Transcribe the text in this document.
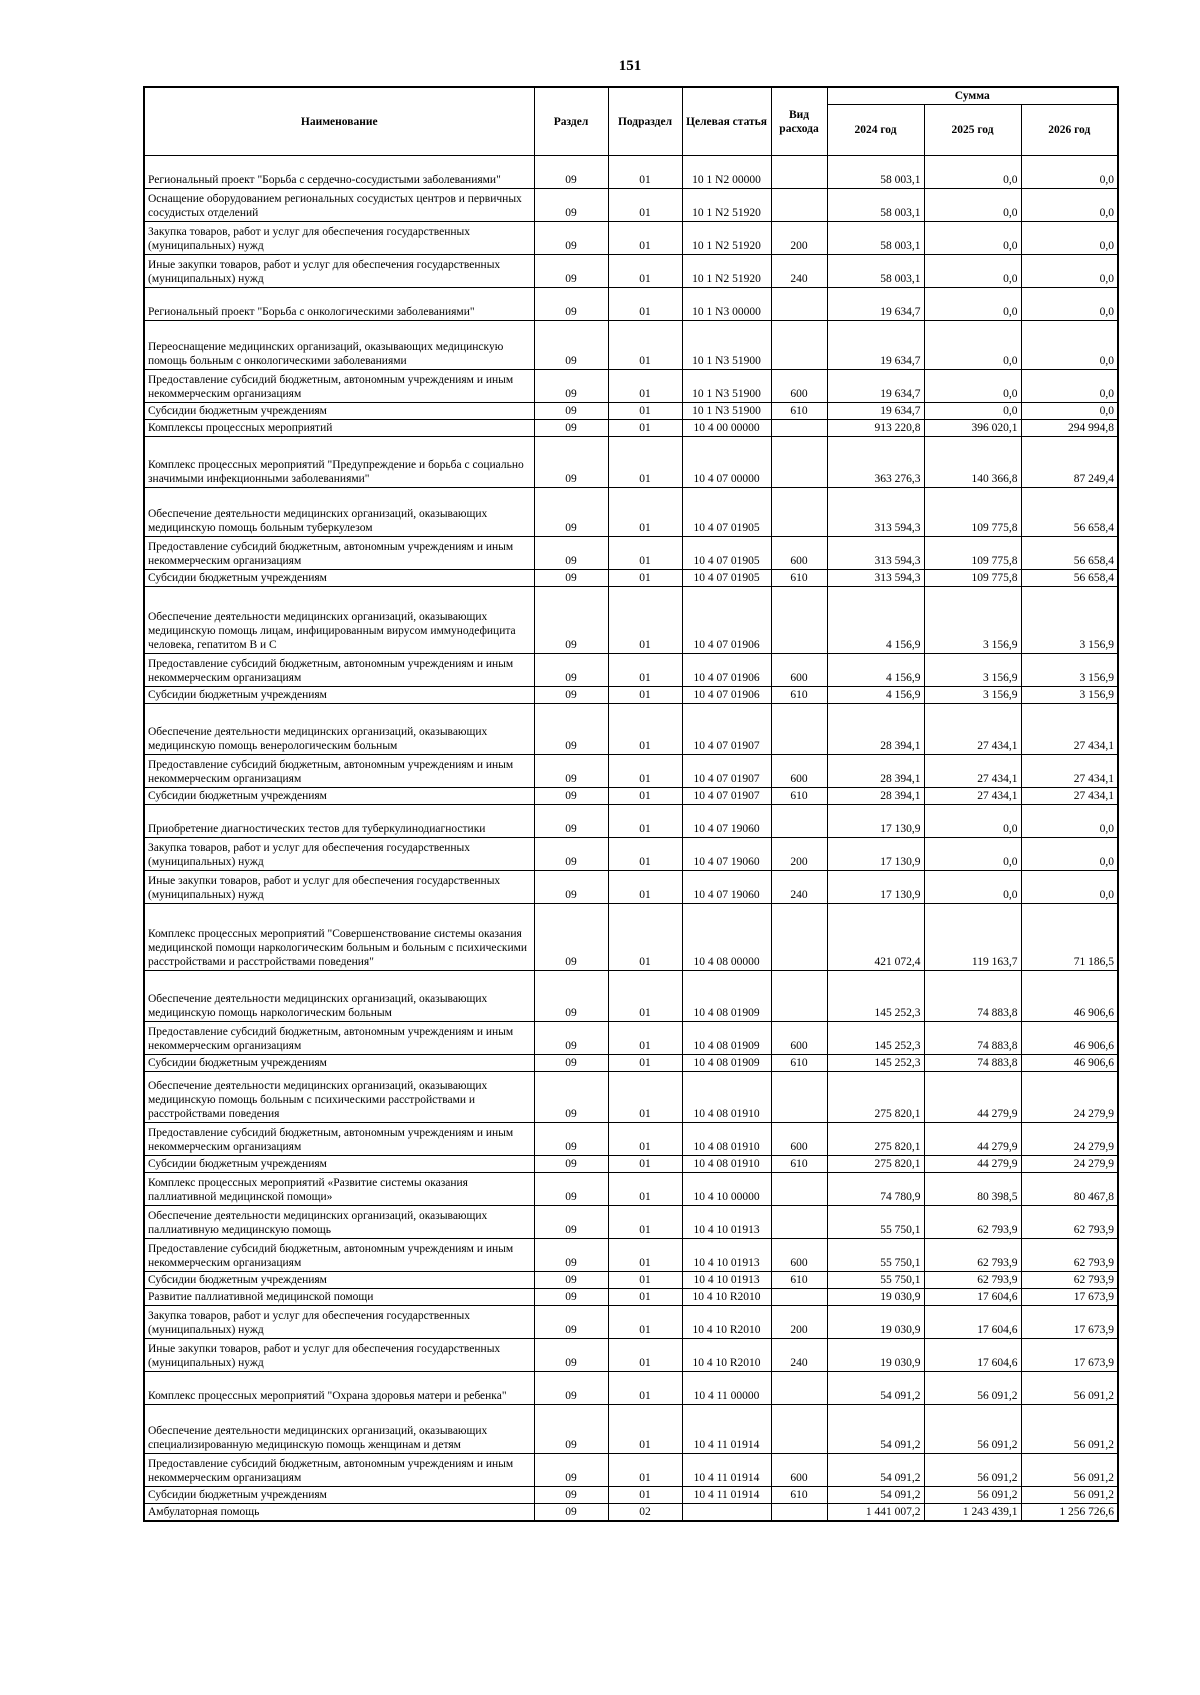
151
Наименование	Раздел	Подраздел	Целевая статья	Вид расхода	Сумма		
					2024 год	2025 год	2026 год
Региональный проект "Борьба с сердечно-сосудистыми заболеваниями"	09	01	10 1 N2 00000		58 003,1	0,0	0,0
Оснащение оборудованием региональных сосудистых центров и первичных сосудистых отделений	09	01	10 1 N2 51920		58 003,1	0,0	0,0
Закупка товаров, работ и услуг для обеспечения государственных (муниципальных) нужд	09	01	10 1 N2 51920	200	58 003,1	0,0	0,0
Иные закупки товаров, работ и услуг для обеспечения государственных (муниципальных) нужд	09	01	10 1 N2 51920	240	58 003,1	0,0	0,0
Региональный проект "Борьба с онкологическими заболеваниями"	09	01	10 1 N3 00000		19 634,7	0,0	0,0
Переоснащение медицинских организаций, оказывающих медицинскую помощь больным с онкологическими заболеваниями	09	01	10 1 N3 51900		19 634,7	0,0	0,0
Предоставление субсидий бюджетным, автономным учреждениям и иным некоммерческим организациям	09	01	10 1 N3 51900	600	19 634,7	0,0	0,0
Субсидии бюджетным учреждениям	09	01	10 1 N3 51900	610	19 634,7	0,0	0,0
Комплексы процессных мероприятий	09	01	10 4 00 00000		913 220,8	396 020,1	294 994,8
Комплекс процессных мероприятий "Предупреждение и борьба с социально значимыми инфекционными заболеваниями"	09	01	10 4 07 00000		363 276,3	140 366,8	87 249,4
Обеспечение деятельности медицинских организаций, оказывающих медицинскую помощь больным туберкулезом	09	01	10 4 07 01905		313 594,3	109 775,8	56 658,4
Предоставление субсидий бюджетным, автономным учреждениям и иным некоммерческим организациям	09	01	10 4 07 01905	600	313 594,3	109 775,8	56 658,4
Субсидии бюджетным учреждениям	09	01	10 4 07 01905	610	313 594,3	109 775,8	56 658,4
Обеспечение деятельности медицинских организаций, оказывающих медицинскую помощь лицам, инфицированным вирусом иммунодефицита человека, гепатитом В и С	09	01	10 4 07 01906		4 156,9	3 156,9	3 156,9
Предоставление субсидий бюджетным, автономным учреждениям и иным некоммерческим организациям	09	01	10 4 07 01906	600	4 156,9	3 156,9	3 156,9
Субсидии бюджетным учреждениям	09	01	10 4 07 01906	610	4 156,9	3 156,9	3 156,9
Обеспечение деятельности медицинских организаций, оказывающих медицинскую помощь венерологическим больным	09	01	10 4 07 01907		28 394,1	27 434,1	27 434,1
Предоставление субсидий бюджетным, автономным учреждениям и иным некоммерческим организациям	09	01	10 4 07 01907	600	28 394,1	27 434,1	27 434,1
Субсидии бюджетным учреждениям	09	01	10 4 07 01907	610	28 394,1	27 434,1	27 434,1
Приобретение диагностических тестов для туберкулинодиагностики	09	01	10 4 07 19060		17 130,9	0,0	0,0
Закупка товаров, работ и услуг для обеспечения государственных (муниципальных) нужд	09	01	10 4 07 19060	200	17 130,9	0,0	0,0
Иные закупки товаров, работ и услуг для обеспечения государственных (муниципальных) нужд	09	01	10 4 07 19060	240	17 130,9	0,0	0,0
Комплекс процессных мероприятий "Совершенствование системы оказания медицинской помощи наркологическим больным и больным с психическими расстройствами и расстройствами поведения"	09	01	10 4 08 00000		421 072,4	119 163,7	71 186,5
Обеспечение деятельности медицинских организаций, оказывающих медицинскую помощь наркологическим больным	09	01	10 4 08 01909		145 252,3	74 883,8	46 906,6
Предоставление субсидий бюджетным, автономным учреждениям и иным некоммерческим организациям	09	01	10 4 08 01909	600	145 252,3	74 883,8	46 906,6
Субсидии бюджетным учреждениям	09	01	10 4 08 01909	610	145 252,3	74 883,8	46 906,6
Обеспечение деятельности медицинских организаций, оказывающих медицинскую помощь больным с психическими расстройствами и расстройствами поведения	09	01	10 4 08 01910		275 820,1	44 279,9	24 279,9
Предоставление субсидий бюджетным, автономным учреждениям и иным некоммерческим организациям	09	01	10 4 08 01910	600	275 820,1	44 279,9	24 279,9
Субсидии бюджетным учреждениям	09	01	10 4 08 01910	610	275 820,1	44 279,9	24 279,9
Комплекс процессных мероприятий «Развитие системы оказания паллиативной медицинской помощи»	09	01	10 4 10 00000		74 780,9	80 398,5	80 467,8
Обеспечение деятельности медицинских организаций, оказывающих паллиативную медицинскую помощь	09	01	10 4 10 01913		55 750,1	62 793,9	62 793,9
Предоставление субсидий бюджетным, автономным учреждениям и иным некоммерческим организациям	09	01	10 4 10 01913	600	55 750,1	62 793,9	62 793,9
Субсидии бюджетным учреждениям	09	01	10 4 10 01913	610	55 750,1	62 793,9	62 793,9
Развитие паллиативной медицинской помощи	09	01	10 4 10 R2010		19 030,9	17 604,6	17 673,9
Закупка товаров, работ и услуг для обеспечения государственных (муниципальных) нужд	09	01	10 4 10 R2010	200	19 030,9	17 604,6	17 673,9
Иные закупки товаров, работ и услуг для обеспечения государственных (муниципальных) нужд	09	01	10 4 10 R2010	240	19 030,9	17 604,6	17 673,9
Комплекс процессных мероприятий "Охрана здоровья матери и ребенка"	09	01	10 4 11 00000		54 091,2	56 091,2	56 091,2
Обеспечение деятельности медицинских организаций, оказывающих специализированную медицинскую помощь женщинам и детям	09	01	10 4 11 01914		54 091,2	56 091,2	56 091,2
Предоставление субсидий бюджетным, автономным учреждениям и иным некоммерческим организациям	09	01	10 4 11 01914	600	54 091,2	56 091,2	56 091,2
Субсидии бюджетным учреждениям	09	01	10 4 11 01914	610	54 091,2	56 091,2	56 091,2
Амбулаторная помощь	09	02			1 441 007,2	1 243 439,1	1 256 726,6
